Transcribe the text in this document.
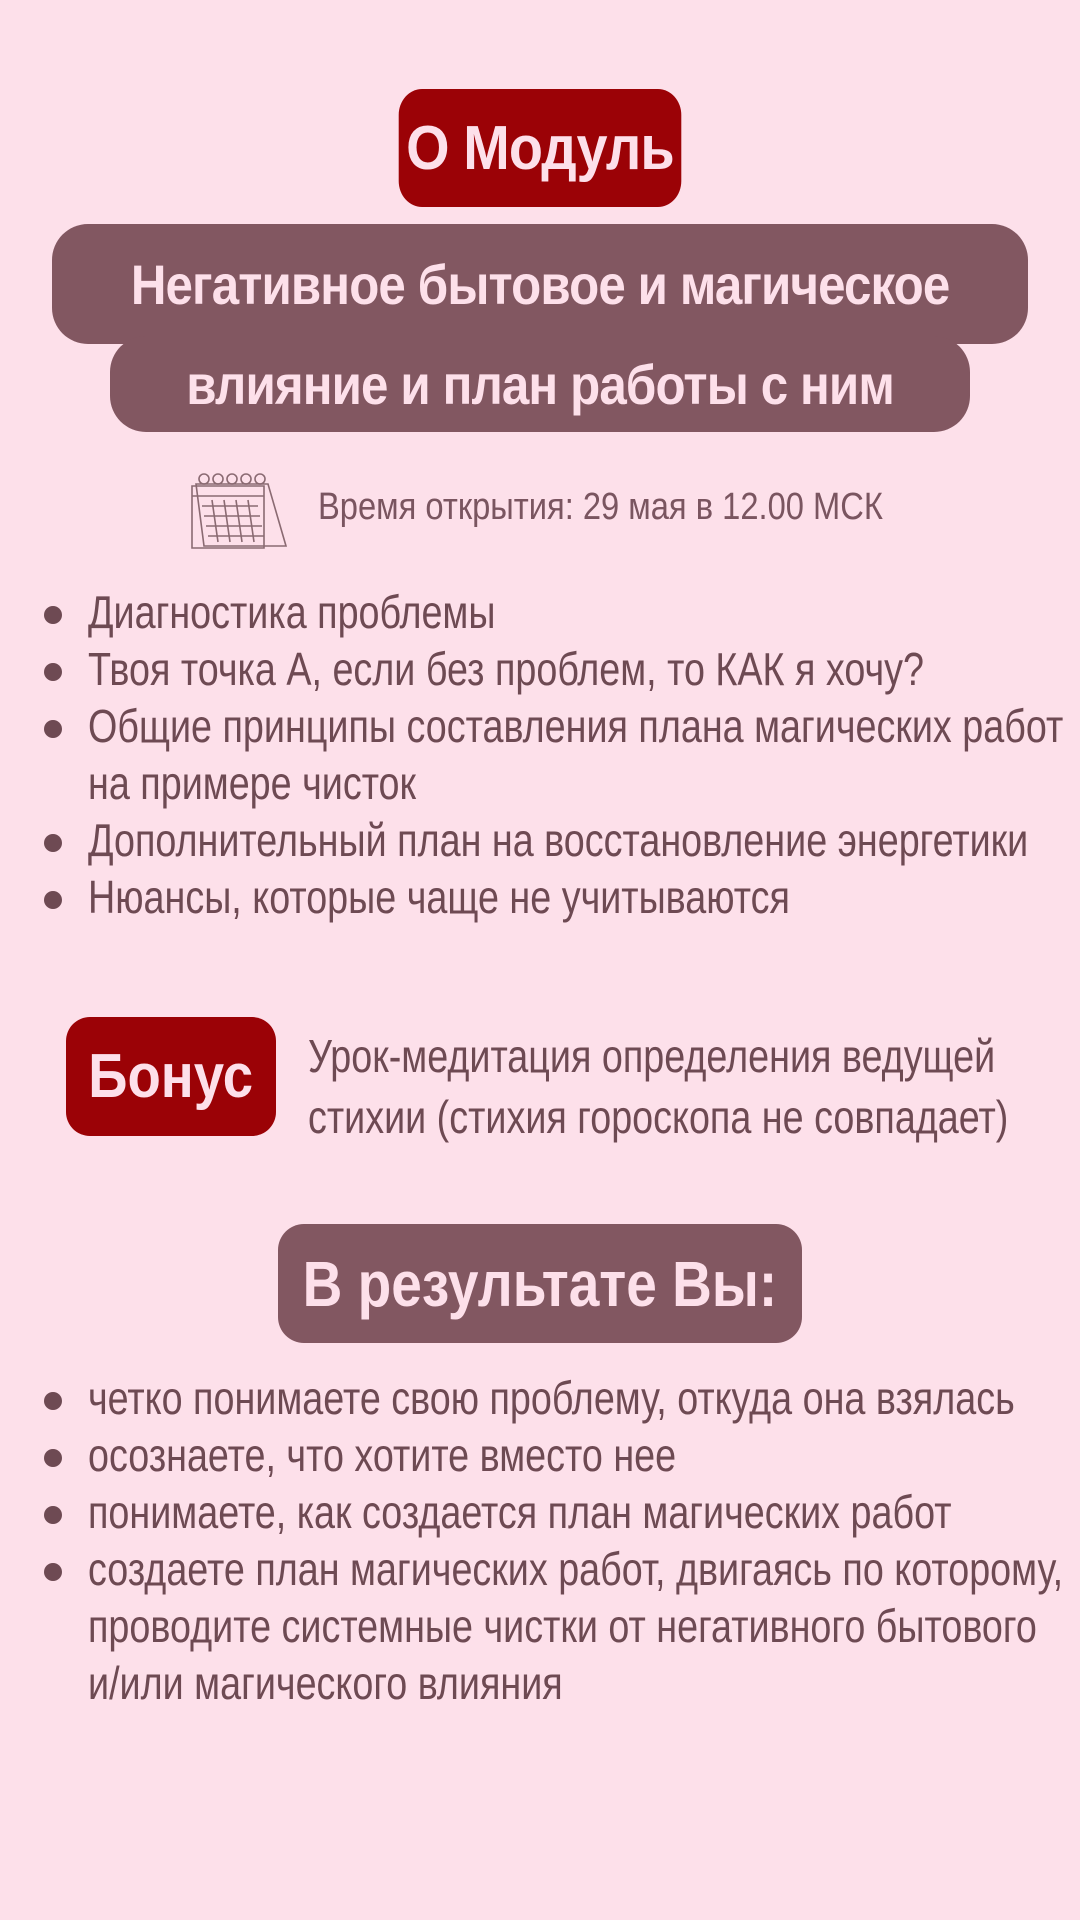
О Модуль
Негативное бытовое и магическое
влияние и план работы с ним
Время открытия: 29 мая в 12.00 МСК
Диагностика проблемы
Твоя точка А, если без проблем, то КАК я хочу?
Общие принципы составления плана магических работ на примере чисток
Дополнительный план на восстановление энергетики
Нюансы, которые чаще не учитываются
Бонус Урок-медитация определения ведущей
стихии (стихия гороскопа не совпадает)
В результате Вы:
четко понимаете свою проблему, откуда она взялась
осознаете, что хотите вместо нее
понимаете, как создается план магических работ
создаете план магических работ, двигаясь по которому, проводите системные чистки от негативного бытового и/или магического влияния
